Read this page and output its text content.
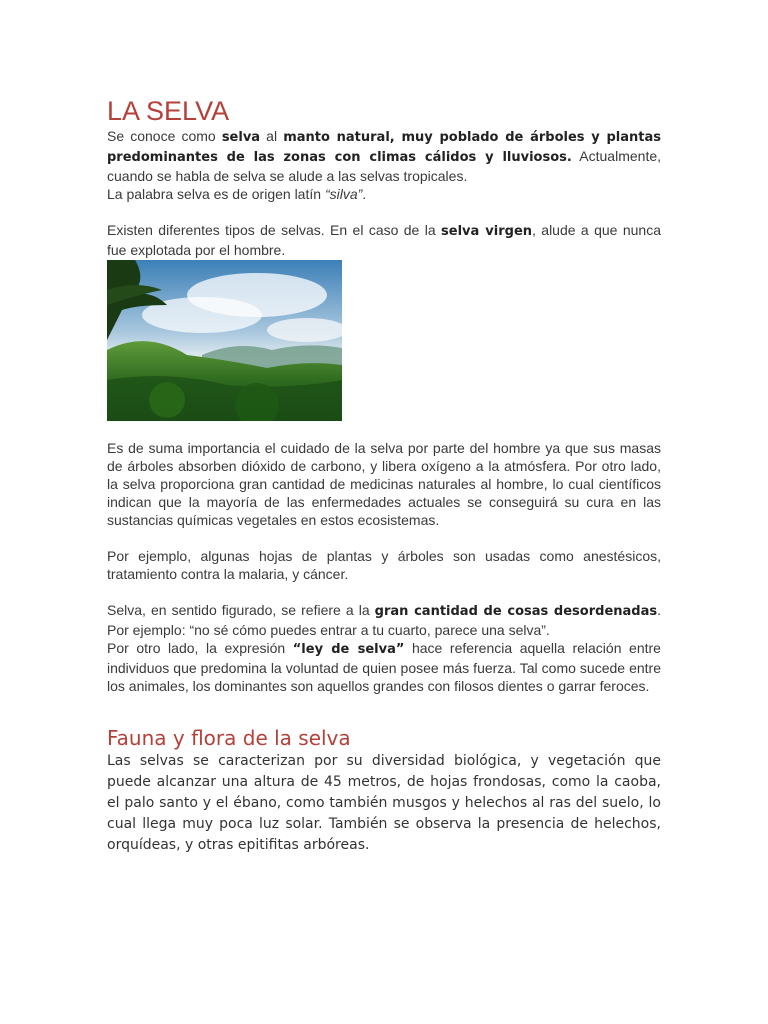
LA SELVA

Se conoce como selva al manto natural, muy poblado de árboles y plantas predominantes de las zonas con climas cálidos y lluviosos. Actualmente, cuando se habla de selva se alude a las selvas tropicales.

La palabra selva es de origen latín “silva”.

Existen diferentes tipos de selvas. En el caso de la selva virgen, alude a que nunca fue explotada por el hombre.

Es de suma importancia el cuidado de la selva por parte del hombre ya que sus masas de árboles absorben dióxido de carbono, y libera oxígeno a la atmósfera. Por otro lado, la selva proporciona gran cantidad de medicinas naturales al hombre, lo cual científicos indican que la mayoría de las enfermedades actuales se conseguirá su cura en las sustancias químicas vegetales en estos ecosistemas.

Por ejemplo, algunas hojas de plantas y árboles son usadas como anestésicos, tratamiento contra la malaria, y cáncer.

Selva, en sentido figurado, se refiere a la gran cantidad de cosas desordenadas. Por ejemplo: “no sé cómo puedes entrar a tu cuarto, parece una selva”.

Por otro lado, la expresión “ley de selva” hace referencia aquella relación entre individuos que predomina la voluntad de quien posee más fuerza. Tal como sucede entre los animales, los dominantes son aquellos grandes con filosos dientes o garrar feroces.

Fauna y flora de la selva

Las selvas se caracterizan por su diversidad biológica, y vegetación que puede alcanzar una altura de 45 metros, de hojas frondosas, como la caoba, el palo santo y el ébano, como también musgos y helechos al ras del suelo, lo cual llega muy poca luz solar. También se observa la presencia de helechos, orquídeas, y otras epitifitas arbóreas.
